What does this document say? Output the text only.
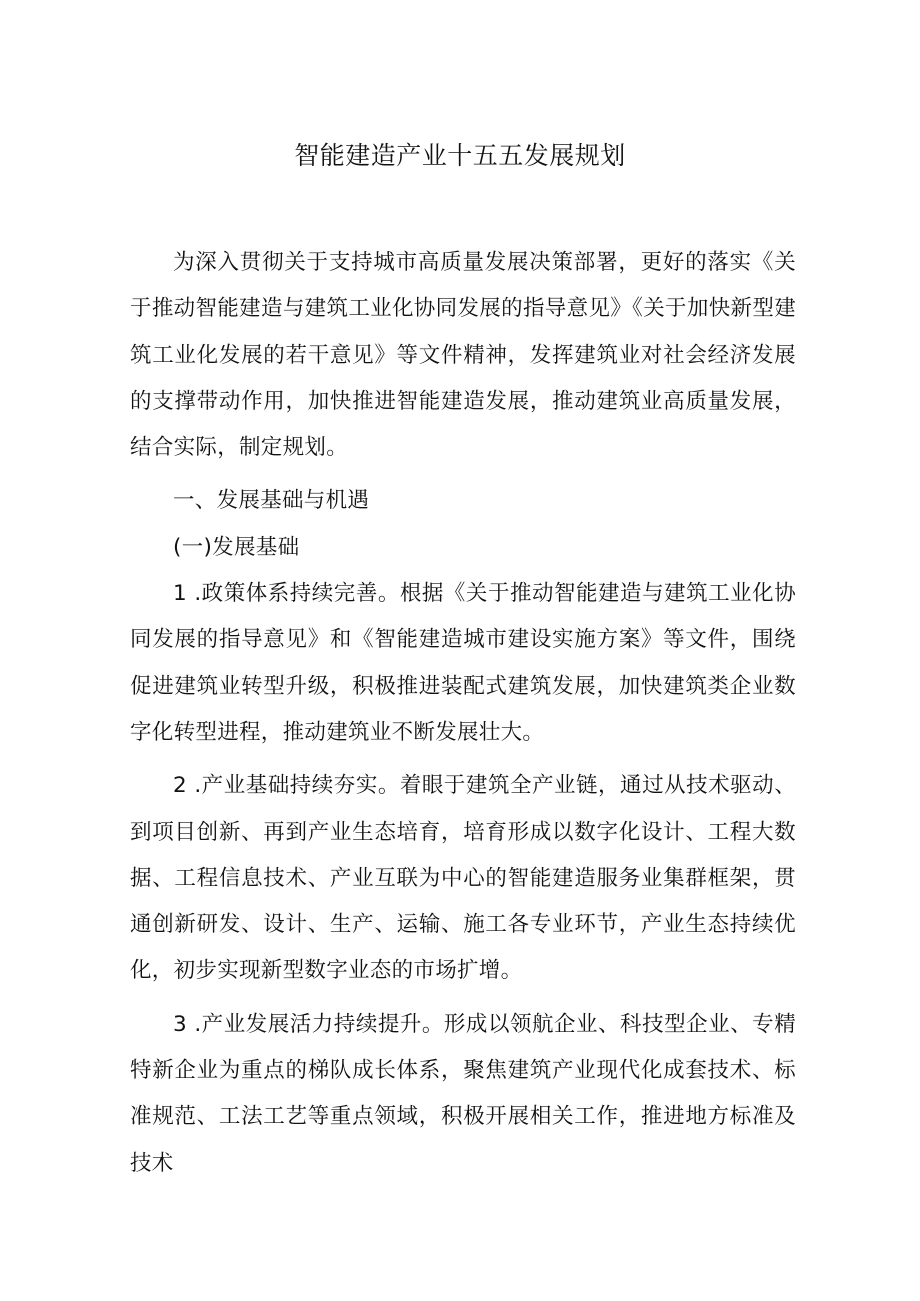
智能建造产业十五五发展规划

为深入贯彻关于支持城市高质量发展决策部署，更好的落实《关于推动智能建造与建筑工业化协同发展的指导意见》《关于加快新型建筑工业化发展的若干意见》等文件精神，发挥建筑业对社会经济发展的支撑带动作用，加快推进智能建造发展，推动建筑业高质量发展，结合实际，制定规划。

一、发展基础与机遇

(一)发展基础

1 .政策体系持续完善。根据《关于推动智能建造与建筑工业化协同发展的指导意见》和《智能建造城市建设实施方案》等文件，围绕促进建筑业转型升级，积极推进装配式建筑发展，加快建筑类企业数字化转型进程，推动建筑业不断发展壮大。

2 .产业基础持续夯实。着眼于建筑全产业链，通过从技术驱动、到项目创新、再到产业生态培育，培育形成以数字化设计、工程大数据、工程信息技术、产业互联为中心的智能建造服务业集群框架，贯通创新研发、设计、生产、运输、施工各专业环节，产业生态持续优化，初步实现新型数字业态的市场扩增。

3 .产业发展活力持续提升。形成以领航企业、科技型企业、专精特新企业为重点的梯队成长体系，聚焦建筑产业现代化成套技术、标准规范、工法工艺等重点领域，积极开展相关工作，推进地方标准及技术
